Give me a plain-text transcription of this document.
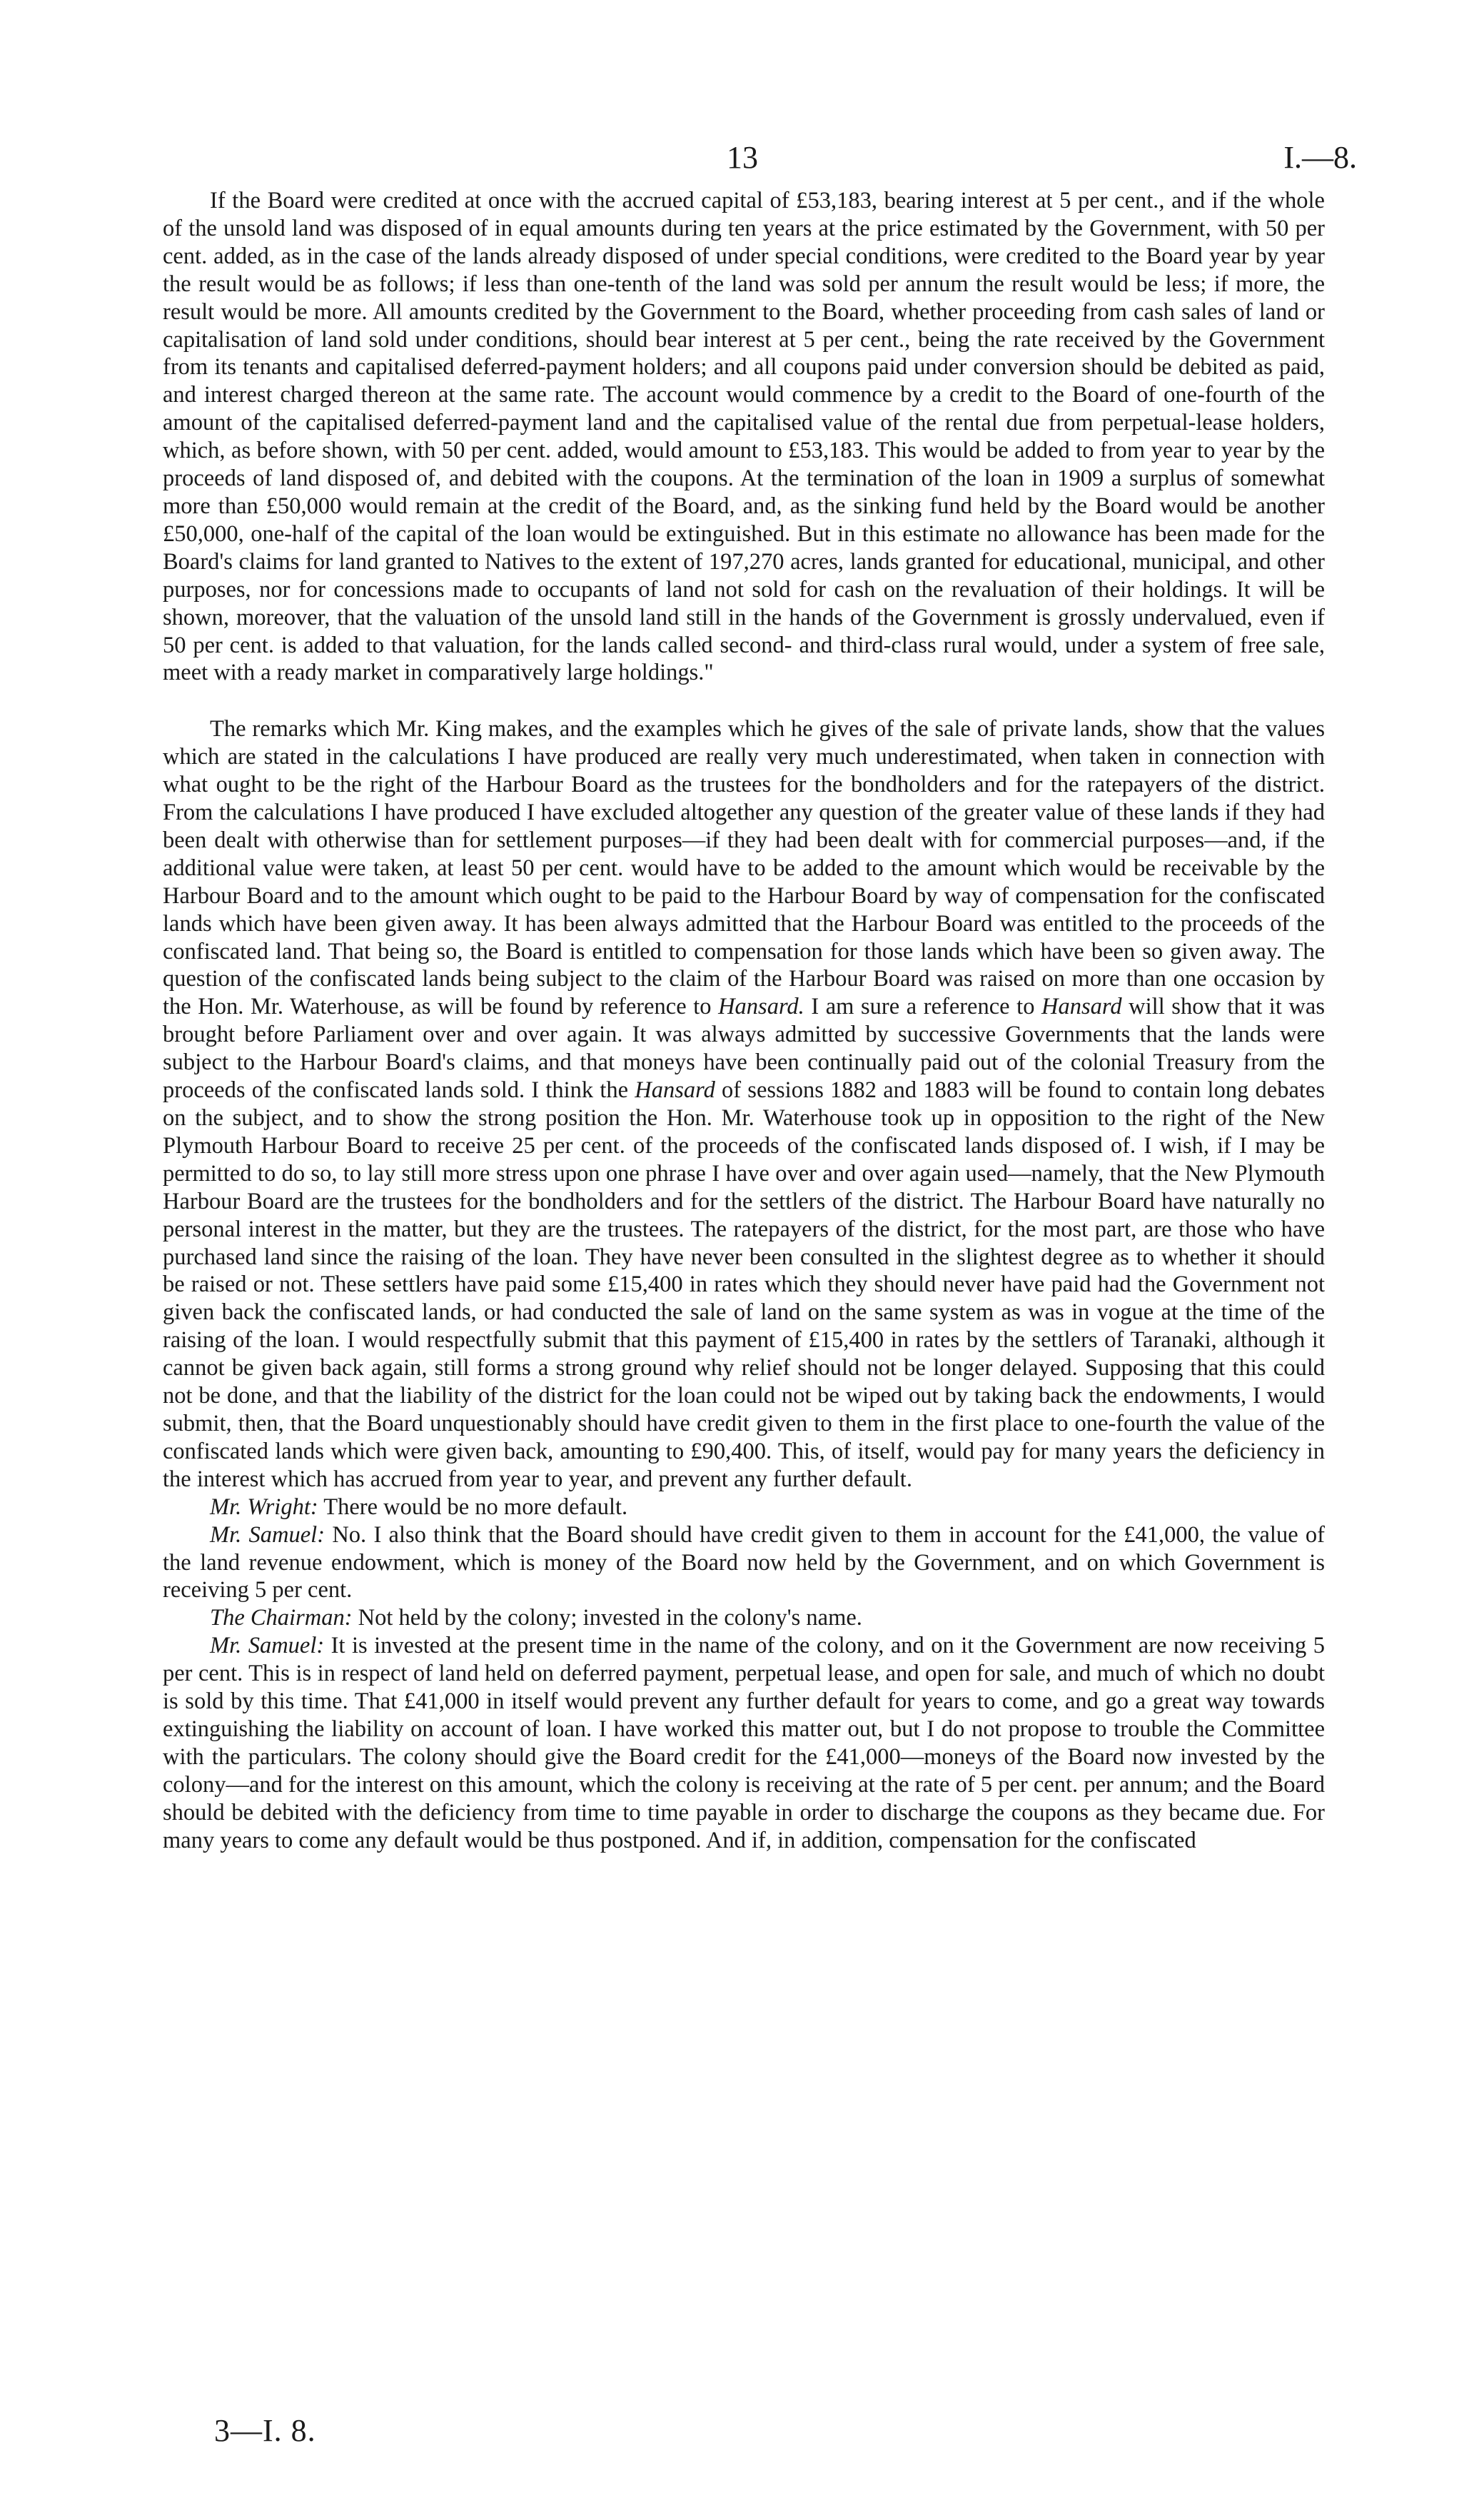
13	I.—8.

If the Board were credited at once with the accrued capital of £53,183, bearing interest at 5 per cent., and if the whole of the unsold land was disposed of in equal amounts during ten years at the price estimated by the Government, with 50 per cent. added, as in the case of the lands already disposed of under special conditions, were credited to the Board year by year the result would be as follows; if less than one-tenth of the land was sold per annum the result would be less; if more, the result would be more. All amounts credited by the Government to the Board, whether proceeding from cash sales of land or capitalisation of land sold under conditions, should bear interest at 5 per cent., being the rate received by the Government from its tenants and capitalised deferred-payment holders; and all coupons paid under conversion should be debited as paid, and interest charged thereon at the same rate. The account would commence by a credit to the Board of one-fourth of the amount of the capitalised deferred-payment land and the capitalised value of the rental due from perpetual-lease holders, which, as before shown, with 50 per cent. added, would amount to £53,183. This would be added to from year to year by the proceeds of land disposed of, and debited with the coupons. At the termination of the loan in 1909 a surplus of somewhat more than £50,000 would remain at the credit of the Board, and, as the sinking fund held by the Board would be another £50,000, one-half of the capital of the loan would be extinguished. But in this estimate no allowance has been made for the Board's claims for land granted to Natives to the extent of 197,270 acres, lands granted for educational, municipal, and other purposes, nor for concessions made to occupants of land not sold for cash on the revaluation of their holdings. It will be shown, moreover, that the valuation of the unsold land still in the hands of the Government is grossly undervalued, even if 50 per cent. is added to that valuation, for the lands called second- and third-class rural would, under a system of free sale, meet with a ready market in comparatively large holdings."

The remarks which Mr. King makes, and the examples which he gives of the sale of private lands, show that the values which are stated in the calculations I have produced are really very much underestimated, when taken in connection with what ought to be the right of the Harbour Board as the trustees for the bondholders and for the ratepayers of the district. From the calculations I have produced I have excluded altogether any question of the greater value of these lands if they had been dealt with otherwise than for settlement purposes—if they had been dealt with for commercial purposes—and, if the additional value were taken, at least 50 per cent. would have to be added to the amount which would be receivable by the Harbour Board and to the amount which ought to be paid to the Harbour Board by way of compensation for the confiscated lands which have been given away. It has been always admitted that the Harbour Board was entitled to the proceeds of the confiscated land. That being so, the Board is entitled to compensation for those lands which have been so given away. The question of the confiscated lands being subject to the claim of the Harbour Board was raised on more than one occasion by the Hon. Mr. Waterhouse, as will be found by reference to Hansard. I am sure a reference to Hansard will show that it was brought before Parliament over and over again. It was always admitted by successive Governments that the lands were subject to the Harbour Board's claims, and that moneys have been continually paid out of the colonial Treasury from the proceeds of the confiscated lands sold. I think the Hansard of sessions 1882 and 1883 will be found to contain long debates on the subject, and to show the strong position the Hon. Mr. Waterhouse took up in opposition to the right of the New Plymouth Harbour Board to receive 25 per cent. of the proceeds of the confiscated lands disposed of. I wish, if I may be permitted to do so, to lay still more stress upon one phrase I have over and over again used—namely, that the New Plymouth Harbour Board are the trustees for the bondholders and for the settlers of the district. The Harbour Board have naturally no personal interest in the matter, but they are the trustees. The ratepayers of the district, for the most part, are those who have purchased land since the raising of the loan. They have never been consulted in the slightest degree as to whether it should be raised or not. These settlers have paid some £15,400 in rates which they should never have paid had the Government not given back the confiscated lands, or had conducted the sale of land on the same system as was in vogue at the time of the raising of the loan. I would respectfully submit that this payment of £15,400 in rates by the settlers of Taranaki, although it cannot be given back again, still forms a strong ground why relief should not be longer delayed. Supposing that this could not be done, and that the liability of the district for the loan could not be wiped out by taking back the endowments, I would submit, then, that the Board unquestionably should have credit given to them in the first place to one-fourth the value of the confiscated lands which were given back, amounting to £90,400. This, of itself, would pay for many years the deficiency in the interest which has accrued from year to year, and prevent any further default.

Mr. Wright: There would be no more default.

Mr. Samuel: No. I also think that the Board should have credit given to them in account for the £41,000, the value of the land revenue endowment, which is money of the Board now held by the Government, and on which Government is receiving 5 per cent.

The Chairman: Not held by the colony; invested in the colony's name.

Mr. Samuel: It is invested at the present time in the name of the colony, and on it the Government are now receiving 5 per cent. This is in respect of land held on deferred payment, perpetual lease, and open for sale, and much of which no doubt is sold by this time. That £41,000 in itself would prevent any further default for years to come, and go a great way towards extinguishing the liability on account of loan. I have worked this matter out, but I do not propose to trouble the Committee with the particulars. The colony should give the Board credit for the £41,000—moneys of the Board now invested by the colony—and for the interest on this amount, which the colony is receiving at the rate of 5 per cent. per annum; and the Board should be debited with the deficiency from time to time payable in order to discharge the coupons as they became due. For many years to come any default would be thus postponed. And if, in addition, compensation for the confiscated

3—I. 8.
